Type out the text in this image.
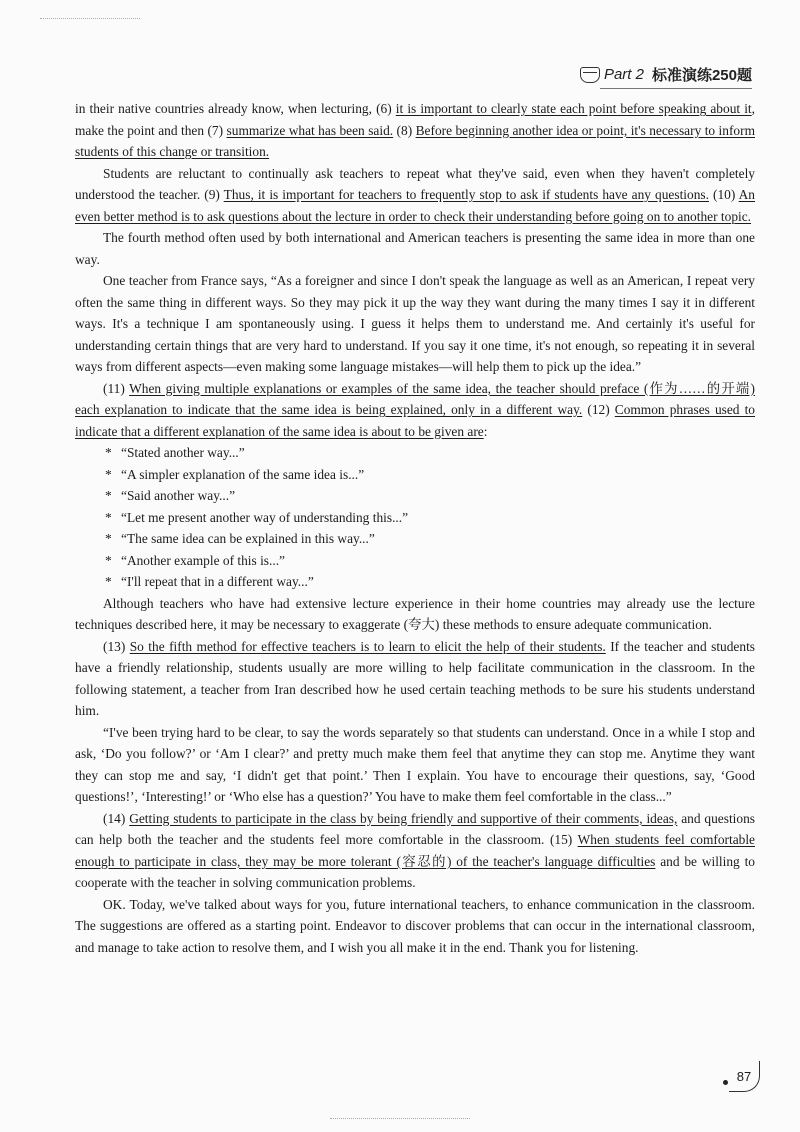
Part 2 标准演练250题

in their native countries already know, when lecturing, (6) it is important to clearly state each point before speaking about it, make the point and then (7) summarize what has been said. (8) Before beginning another idea or point, it's necessary to inform students of this change or transition.

Students are reluctant to continually ask teachers to repeat what they've said, even when they haven't completely understood the teacher. (9) Thus, it is important for teachers to frequently stop to ask if students have any questions. (10) An even better method is to ask questions about the lecture in order to check their understanding before going on to another topic.

The fourth method often used by both international and American teachers is presenting the same idea in more than one way.

One teacher from France says, “As a foreigner and since I don't speak the language as well as an American, I repeat very often the same thing in different ways. So they may pick it up the way they want during the many times I say it in different ways. It's a technique I am spontaneously using. I guess it helps them to understand me. And certainly it's useful for understanding certain things that are very hard to understand. If you say it one time, it's not enough, so repeating it in several ways from different aspects—even making some language mistakes—will help them to pick up the idea.”

(11) When giving multiple explanations or examples of the same idea, the teacher should preface (作为……的开端) each explanation to indicate that the same idea is being explained, only in a different way. (12) Common phrases used to indicate that a different explanation of the same idea is about to be given are:

* “Stated another way...”
* “A simpler explanation of the same idea is...”
* “Said another way...”
* “Let me present another way of understanding this...”
* “The same idea can be explained in this way...”
* “Another example of this is...”
* “I'll repeat that in a different way...”

Although teachers who have had extensive lecture experience in their home countries may already use the lecture techniques described here, it may be necessary to exaggerate (夸大) these methods to ensure adequate communication.

(13) So the fifth method for effective teachers is to learn to elicit the help of their students. If the teacher and students have a friendly relationship, students usually are more willing to help facilitate communication in the classroom. In the following statement, a teacher from Iran described how he used certain teaching methods to be sure his students understand him.

“I've been trying hard to be clear, to say the words separately so that students can understand. Once in a while I stop and ask, ‘Do you follow?’ or ‘Am I clear?’ and pretty much make them feel that anytime they can stop me. Anytime they want they can stop me and say, ‘I didn't get that point.’ Then I explain. You have to encourage their questions, say, ‘Good questions!’, ‘Interesting!’ or ‘Who else has a question?’ You have to make them feel comfortable in the class...”

(14) Getting students to participate in the class by being friendly and supportive of their comments, ideas, and questions can help both the teacher and the students feel more comfortable in the classroom. (15) When students feel comfortable enough to participate in class, they may be more tolerant (容忍的) of the teacher's language difficulties and be willing to cooperate with the teacher in solving communication problems.

OK. Today, we've talked about ways for you, future international teachers, to enhance communication in the classroom. The suggestions are offered as a starting point. Endeavor to discover problems that can occur in the international classroom, and manage to take action to resolve them, and I wish you all make it in the end. Thank you for listening.

87
